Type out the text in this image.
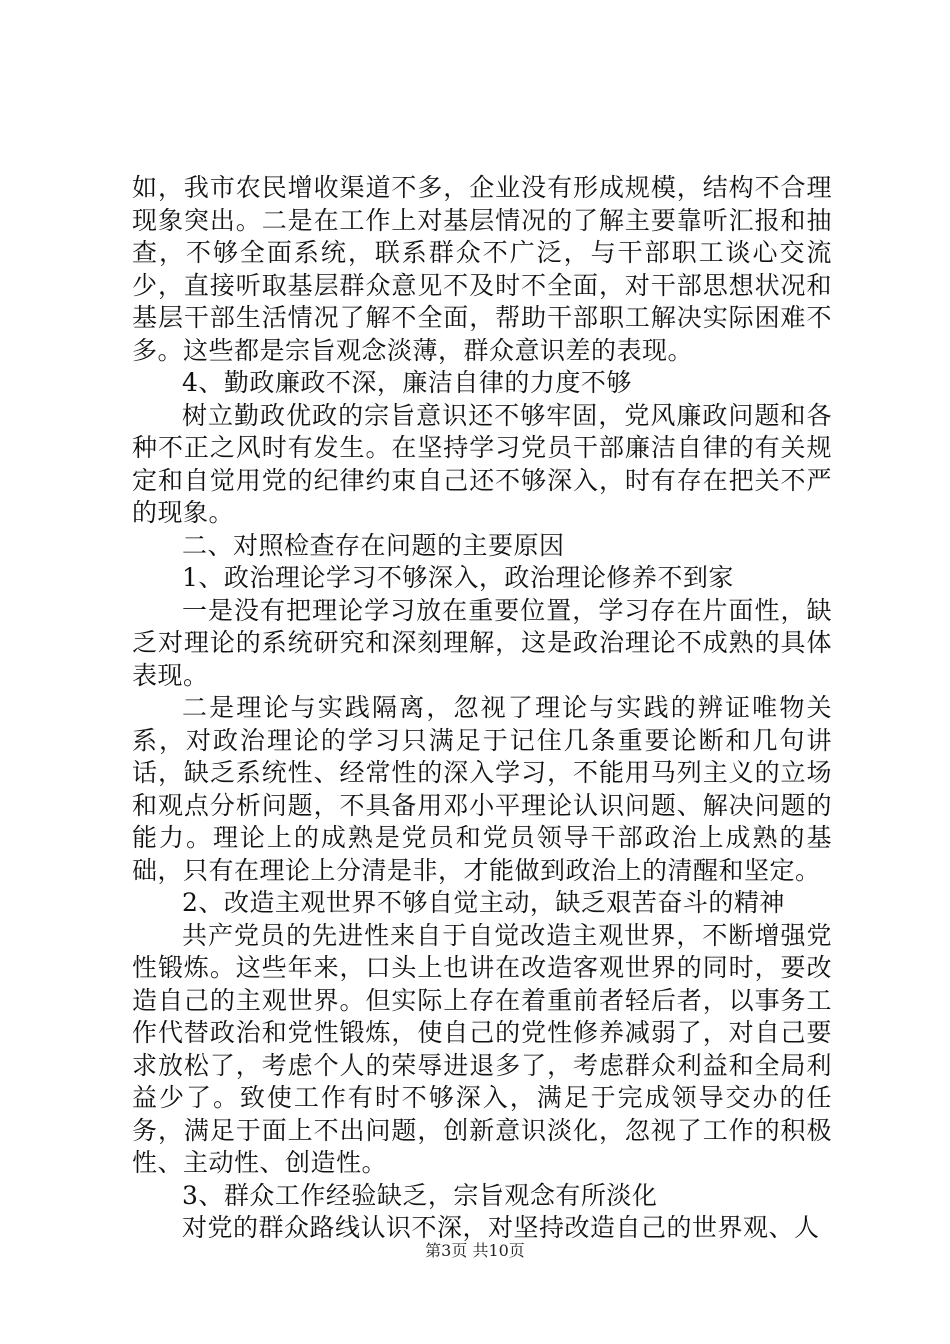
如，我市农民增收渠道不多，企业没有形成规模，结构不合理现象突出。二是在工作上对基层情况的了解主要靠听汇报和抽查，不够全面系统，联系群众不广泛，与干部职工谈心交流少，直接听取基层群众意见不及时不全面，对干部思想状况和基层干部生活情况了解不全面，帮助干部职工解决实际困难不多。这些都是宗旨观念淡薄，群众意识差的表现。

4、勤政廉政不深，廉洁自律的力度不够

树立勤政优政的宗旨意识还不够牢固，党风廉政问题和各种不正之风时有发生。在坚持学习党员干部廉洁自律的有关规定和自觉用党的纪律约束自己还不够深入，时有存在把关不严的现象。

二、对照检查存在问题的主要原因

1、政治理论学习不够深入，政治理论修养不到家

一是没有把理论学习放在重要位置，学习存在片面性，缺乏对理论的系统研究和深刻理解，这是政治理论不成熟的具体表现。

二是理论与实践隔离，忽视了理论与实践的辨证唯物关系，对政治理论的学习只满足于记住几条重要论断和几句讲话，缺乏系统性、经常性的深入学习，不能用马列主义的立场和观点分析问题，不具备用邓小平理论认识问题、解决问题的能力。理论上的成熟是党员和党员领导干部政治上成熟的基础，只有在理论上分清是非，才能做到政治上的清醒和坚定。

2、改造主观世界不够自觉主动，缺乏艰苦奋斗的精神

共产党员的先进性来自于自觉改造主观世界，不断增强党性锻炼。这些年来，口头上也讲在改造客观世界的同时，要改造自己的主观世界。但实际上存在着重前者轻后者，以事务工作代替政治和党性锻炼，使自己的党性修养减弱了，对自己要求放松了，考虑个人的荣辱进退多了，考虑群众利益和全局利益少了。致使工作有时不够深入，满足于完成领导交办的任务，满足于面上不出问题，创新意识淡化，忽视了工作的积极性、主动性、创造性。

3、群众工作经验缺乏，宗旨观念有所淡化

对党的群众路线认识不深，对坚持改造自己的世界观、人

第3页 共10页
